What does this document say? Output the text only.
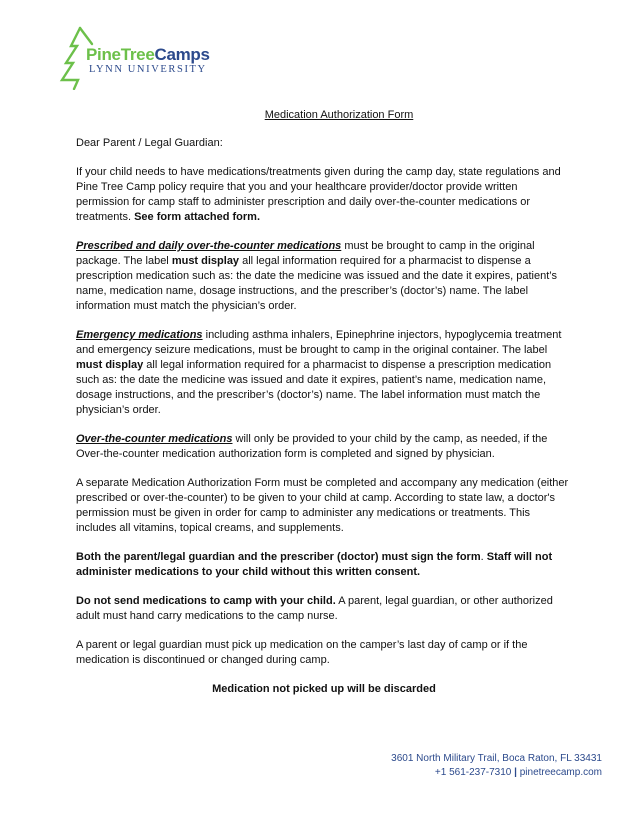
PineTreeCamps
LYNN UNIVERSITY
Medication Authorization Form

Dear Parent / Legal Guardian:

If your child needs to have medications/treatments given during the camp day, state regulations and Pine Tree Camp policy require that you and your healthcare provider/doctor provide written permission for camp staff to administer prescription and daily over-the-counter medications or treatments. See form attached form.

Prescribed and daily over-the-counter medications must be brought to camp in the original package. The label must display all legal information required for a pharmacist to dispense a prescription medication such as: the date the medicine was issued and the date it expires, patient’s name, medication name, dosage instructions, and the prescriber’s (doctor’s) name. The label information must match the physician’s order.

Emergency medications including asthma inhalers, Epinephrine injectors, hypoglycemia treatment and emergency seizure medications, must be brought to camp in the original container. The label must display all legal information required for a pharmacist to dispense a prescription medication such as: the date the medicine was issued and date it expires, patient’s name, medication name, dosage instructions, and the prescriber’s (doctor’s) name. The label information must match the physician’s order.

Over-the-counter medications will only be provided to your child by the camp, as needed, if the Over-the-counter medication authorization form is completed and signed by physician.

A separate Medication Authorization Form must be completed and accompany any medication (either prescribed or over-the-counter) to be given to your child at camp. According to state law, a doctor's permission must be given in order for camp to administer any medications or treatments. This includes all vitamins, topical creams, and supplements.

Both the parent/legal guardian and the prescriber (doctor) must sign the form. Staff will not administer medications to your child without this written consent.

Do not send medications to camp with your child. A parent, legal guardian, or other authorized adult must hand carry medications to the camp nurse.

A parent or legal guardian must pick up medication on the camper’s last day of camp or if the medication is discontinued or changed during camp.

Medication not picked up will be discarded

3601 North Military Trail, Boca Raton, FL 33431
+1 561-237-7310 | pinetreecamp.com
